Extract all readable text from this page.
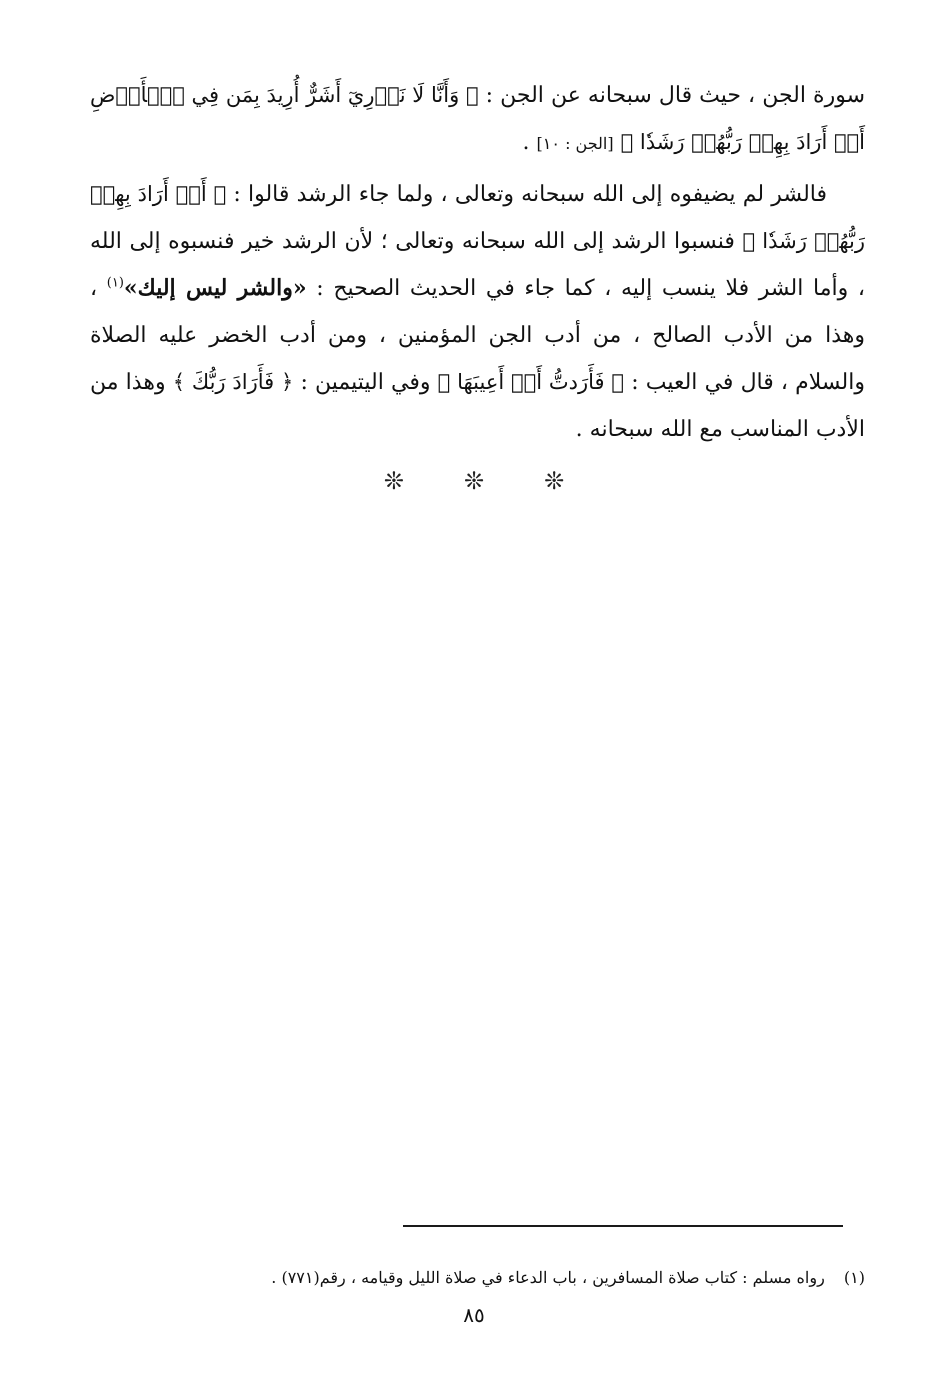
سورة الجن ، حيث قال سبحانه عن الجن : ﴿ وَأَنَّا لَا نَدۡرِيٓ أَشَرٌّ أُرِيدَ بِمَن فِي ٱلۡأَرۡضِ أَمۡ أَرَادَ بِهِمۡ رَبُّهُمۡ رَشَدٗا ﴾ [الجن : ١٠] .

فالشر لم يضيفوه إلى الله سبحانه وتعالى ، ولما جاء الرشد قالوا : ﴿ أَمۡ أَرَادَ بِهِمۡ رَبُّهُمۡ رَشَدٗا ﴾ فنسبوا الرشد إلى الله سبحانه وتعالى ؛ لأن الرشد خير فنسبوه إلى الله ، وأما الشر فلا ينسب إليه ، كما جاء في الحديث الصحيح : «والشر ليس إليك»$^{(١)}$ ، وهذا من الأدب الصالح ، من أدب الجن المؤمنين ، ومن أدب الخضر عليه الصلاة والسلام ، قال في العيب : ﴿ فَأَرَدتُّ أَنۡ أَعِيبَهَا ﴾ وفي اليتيمين : ﴿ فَأَرَادَ رَبُّكَ ﴾ وهذا من الأدب المناسب مع الله سبحانه .

❊
❊
❊
(١) رواه مسلم : كتاب صلاة المسافرين ، باب الدعاء في صلاة الليل وقيامه ، رقم(٧٧١) .
٨٥
